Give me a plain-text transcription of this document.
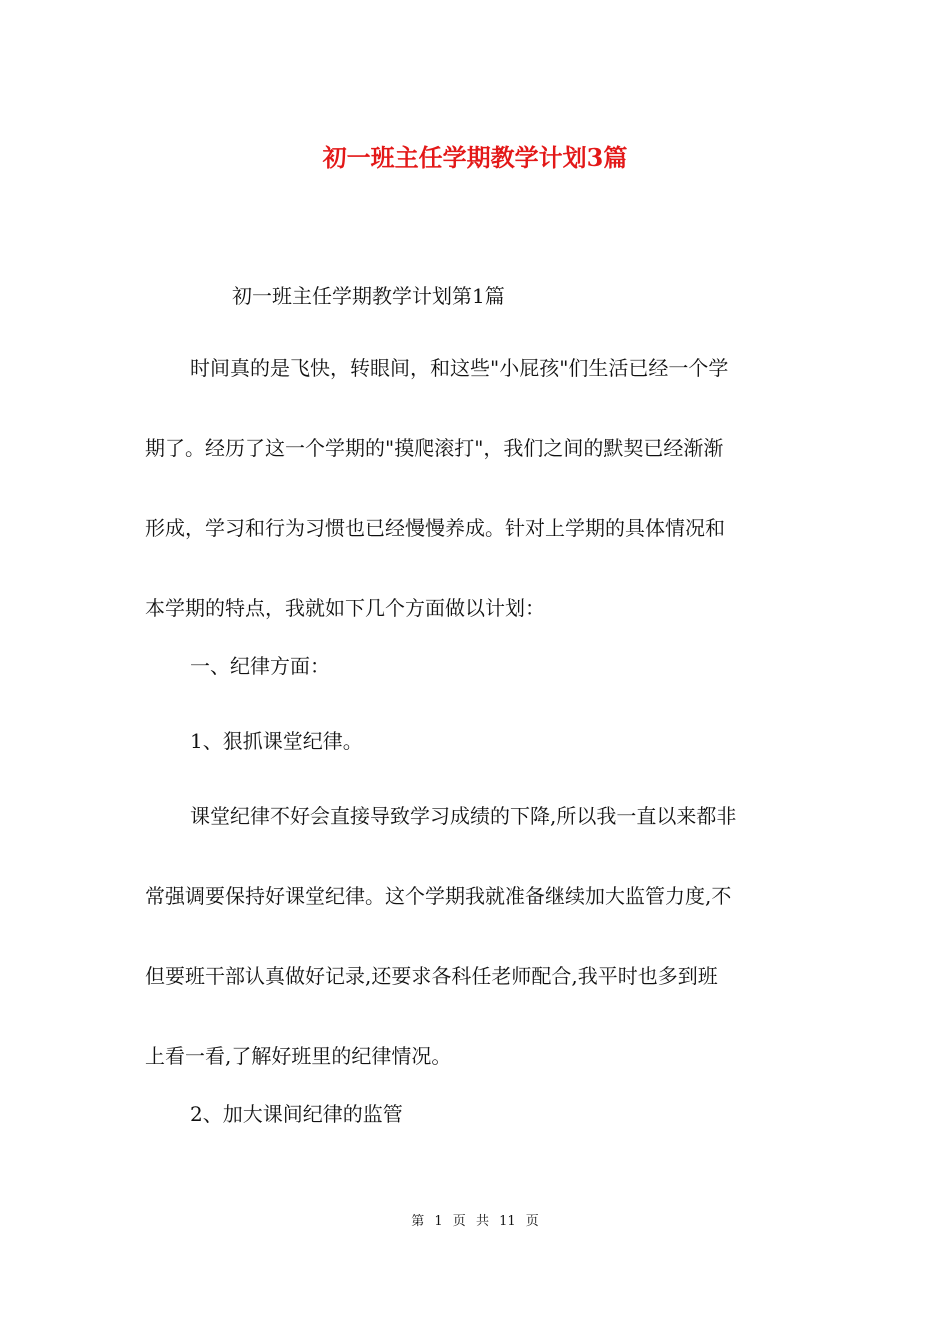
初一班主任学期教学计划3篇
初一班主任学期教学计划第1篇
时间真的是飞快，转眼间，和这些"小屁孩"们生活已经一个学
期了。经历了这一个学期的"摸爬滚打"，我们之间的默契已经渐渐
形成，学习和行为习惯也已经慢慢养成。针对上学期的具体情况和
本学期的特点，我就如下几个方面做以计划：
一、纪律方面：
1、狠抓课堂纪律。
课堂纪律不好会直接导致学习成绩的下降,所以我一直以来都非
常强调要保持好课堂纪律。这个学期我就准备继续加大监管力度,不
但要班干部认真做好记录,还要求各科任老师配合,我平时也多到班
上看一看,了解好班里的纪律情况。
2、加大课间纪律的监管
第 1 页 共 11 页
